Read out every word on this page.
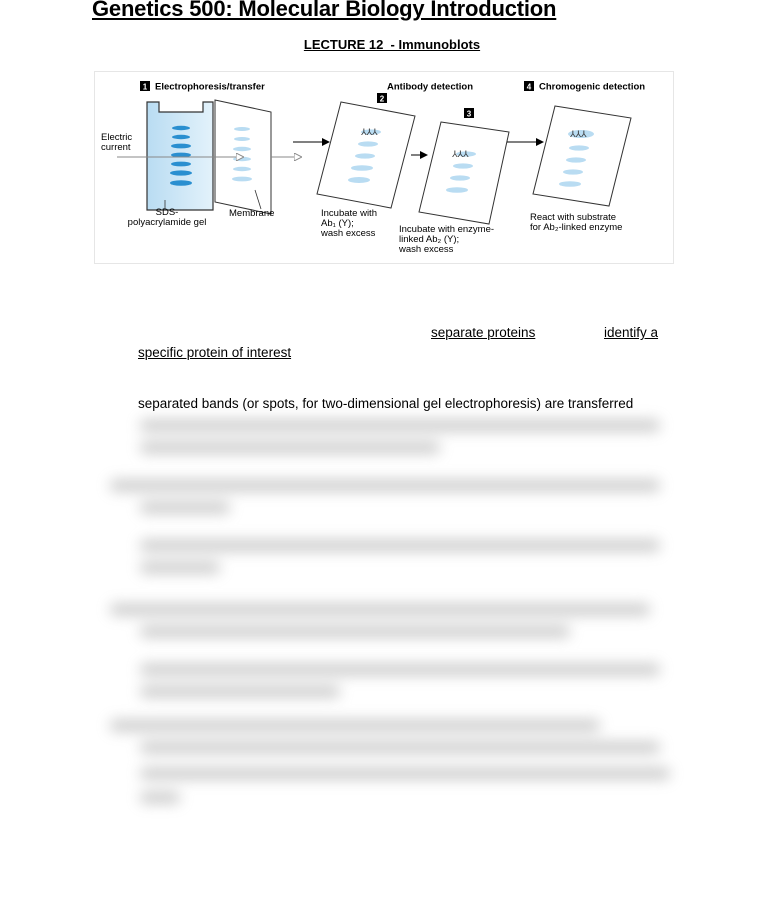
Genetics 500: Molecular Biology Introduction
LECTURE 12  - Immunoblots
1 Electrophoresis/transfer	Antibody detection
2
3
4 Chromogenic detection
Electric
current
SDS-
polyacrylamide gel
Membrane
⅄⅄⅄
Incubate with
Ab₁ (Y);
wash excess
⅄⅄⅄
Incubate with enzyme-
linked Ab₂ (Y);
wash excess
⅄⅄⅄
React with substrate
for Ab₂-linked enzyme
separate proteins	identify a
specific protein of interest
separated bands (or spots, for two-dimensional gel electrophoresis) are transferred
